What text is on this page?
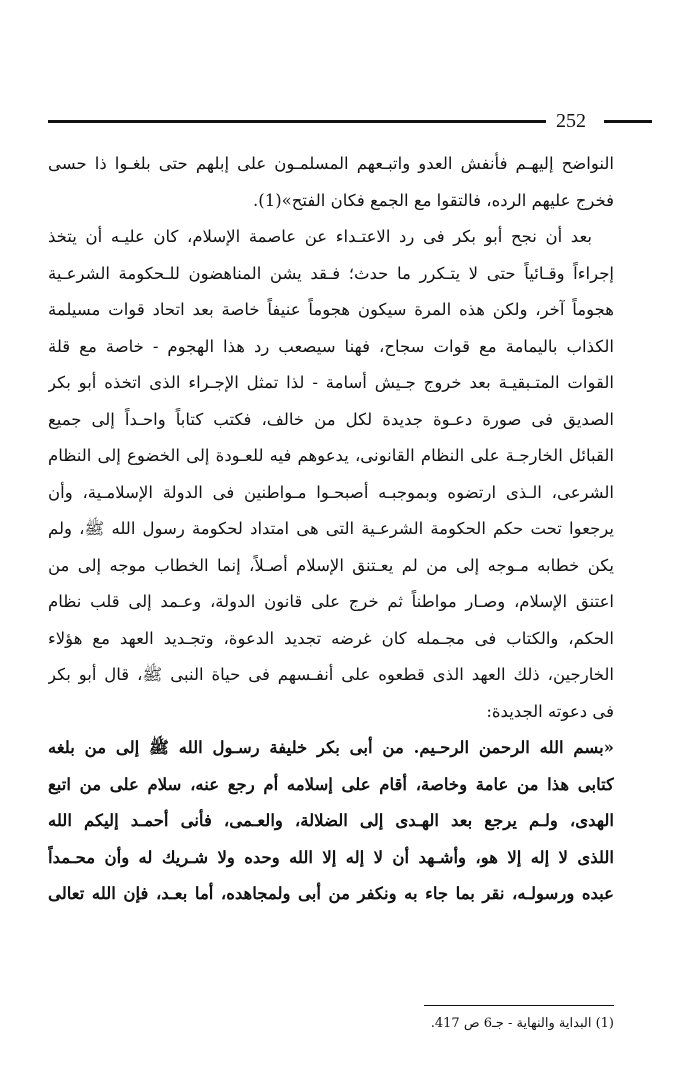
252
النواضح إليهـم فأنفش العدو واتبـعهم المسلمـون على إبلهم حتى بلغـوا ذا حسى
فخرج عليهم الرده، فالتقوا مع الجمع فكان الفتح»(1).
بعد أن نجح أبو بكر فى رد الاعتـداء عن عاصمة الإسلام، كان عليـه أن يتخذ
إجراءاً وقـائياً حتى لا يتـكرر ما حدث؛ فـقد يشن المناهضون للـحكومة الشرعـية
هجوماً آخر، ولكن هذه المرة سيكون هجوماً عنيفاً خاصة بعد اتحاد قوات مسيلمة
الكذاب باليمامة مع قوات سجاح، فهنا سيصعب رد هذا الهجوم - خاصة مع قلة
القوات المتـبقيـة بعد خروج جـيش أسامة - لذا تمثل الإجـراء الذى اتخذه أبو بكر
الصديق فى صورة دعـوة جديدة لكل من خالف، فكتب كتاباً واحـداً إلى جميع
القبائل الخارجـة على النظام القانونى، يدعوهم فيه للعـودة إلى الخضوع إلى النظام
الشرعى، الـذى ارتضوه وبموجبـه أصبحـوا مـواطنين فى الدولة الإسلامـية، وأن
يرجعوا تحت حكم الحكومة الشرعـية التى هى امتداد لحكومة رسول الله ﷺ، ولم
يكن خطابه مـوجه إلى من لم يعـتنق الإسلام أصـلاً، إنما الخطاب موجه إلى من
اعتنق الإسلام، وصـار مواطناً ثم خرج على قانون الدولة، وعـمد إلى قلب نظام
الحكم، والكتاب فى مجـمله كان غرضه تجديد الدعوة، وتجـديد العهد مع هؤلاء
الخارجين، ذلك العهد الذى قطعوه على أنفـسهم فى حياة النبى ﷺ، قال أبو بكر
فى دعوته الجديدة:
«بسم الله الرحمن الرحـيم. من أبى بكر خليفة رسـول الله ﷺ إلى من بلغه
كتابى هذا من عامة وخاصة، أقام على إسلامه أم رجع عنه، سلام على من اتبع
الهدى، ولـم يرجع بعد الهـدى إلى الضلالة، والعـمى، فأنى أحمـد إليكم الله
اللذى لا إله إلا هو، وأشـهد أن لا إله إلا الله وحده ولا شـريك له وأن محـمداً
عبده ورسولـه، نقر بما جاء به ونكفر من أبى ولمجاهده، أما بعـد، فإن الله تعالى
(1) البداية والنهاية - جـ6 ص 417.
